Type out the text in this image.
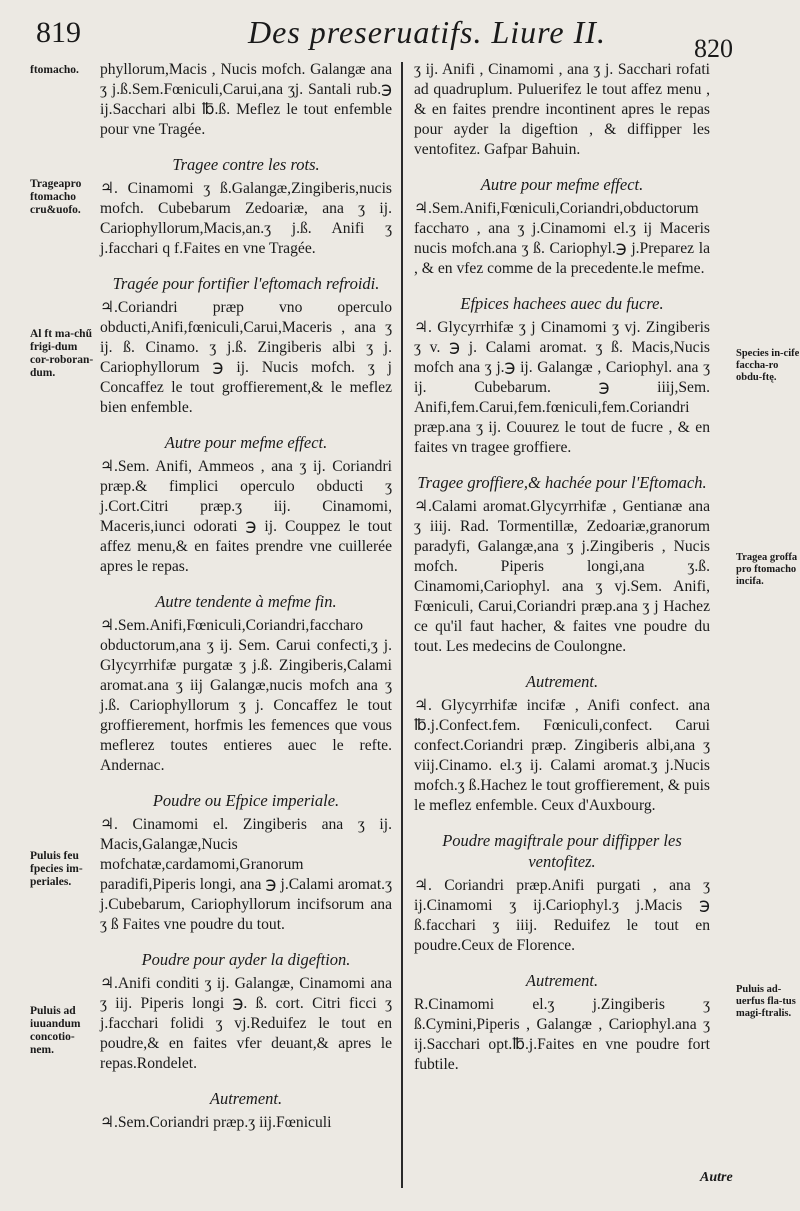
819	Des preseruatifs. Liure II.	820
ftomacho.
Trageapro ftomacho cru&uofo.
Al ft ma-chű frigi-dum cor-roboran-dum.
Puluis feu fpecies im-periales.
Puluis ad iuuandum concotio-nem.
Species in-cife faccha-ro obdu-ftę.
Tragea groffa pro ftomacho incifa.
Puluis ad-uerfus fla-tus magi-ftralis.

phyllorum,Macis , Nucis mofch. Galangæ ana ʒ j.ß.Sem.Fœniculi,Carui,ana ʒj. Santali rub.℈ ij.Sacchari albi ℔.ß. Meflez le tout enfemble pour vne Tragée.

Tragee contre les rots.

♃. Cinamomi ʒ ß.Galangæ,Zingiberis,nucis mofch. Cubebarum Zedoariæ, ana ʒ ij. Cariophyllorum,Macis,an.ʒ j.ß. Anifi ʒ j.facchari q f.Faites en vne Tragée.

Tragée pour fortifier l'eftomach refroidi.

♃.Coriandri præp vno operculo obducti,Anifi,fœniculi,Carui,Maceris , ana ʒ ij. ß. Cinamo. ʒ j.ß. Zingiberis albi ʒ j. Cariophyllorum ℈ ij. Nucis mofch. ʒ j Concaffez le tout groffierement,& le meflez bien enfemble.

Autre pour mefme effect.

♃.Sem. Anifi, Ammeos , ana ʒ ij. Coriandri præp.& fimplici operculo obducti ʒ j.Cort.Citri præp.ʒ iij. Cinamomi, Maceris,iunci odorati ℈ ij. Couppez le tout affez menu,& en faites prendre vne cuillerée apres le repas.

Autre tendente à mefme fin.

♃.Sem.Anifi,Fœniculi,Coriandri,faccharo obductorum,ana ʒ ij. Sem. Carui confecti,ʒ j. Glycyrrhifæ purgatæ ʒ j.ß. Zingiberis,Calami aromat.ana ʒ iij Galangæ,nucis mofch ana ʒ j.ß. Cariophyllorum ʒ j. Concaffez le tout groffierement, horfmis les femences que vous meflerez toutes entieres auec le refte. Andernac.

Poudre ou Efpice imperiale.

♃. Cinamomi el. Zingiberis ana ʒ ij. Macis,Galangæ,Nucis mofchatæ,cardamomi,Granorum paradifi,Piperis longi, ana ℈ j.Calami aromat.ʒ j.Cubebarum, Cariophyllorum incifsorum ana ʒ ß Faites vne poudre du tout.

Poudre pour ayder la digeftion.

♃.Anifi conditi ʒ ij. Galangæ, Cinamomi ana ʒ iij. Piperis longi ℈. ß. cort. Citri ficci ʒ j.facchari folidi ʒ vj.Reduifez le tout en poudre,& en faites vfer deuant,& apres le repas.Rondelet.

Autrement.

♃.Sem.Coriandri præp.ʒ iij.Fœniculi

ʒ ij. Anifi , Cinamomi , ana ʒ j. Sacchari rofati ad quadruplum. Puluerifez le tout affez menu , & en faites prendre incontinent apres le repas pour ayder la digeftion , & diffipper les ventofitez. Gafpar Bahuin.

Autre pour mefme effect.

♃.Sem.Anifi,Fœniculi,Coriandri,obductorum facchaто , ana ʒ j.Cinamomi el.ʒ ij Maceris nucis mofch.ana ʒ ß. Cariophyl.℈ j.Preparez la , & en vfez comme de la precedente.le mefme.

Efpices hachees auec du fucre.

♃. Glycyrrhifæ ʒ j Cinamomi ʒ vj. Zingiberis ʒ v. ℈ j. Calami aromat. ʒ ß. Macis,Nucis mofch ana ʒ j.℈ ij. Galangæ , Cariophyl. ana ʒ ij. Cubebarum. ℈ iiij,Sem. Anifi,fem.Carui,fem.fœniculi,fem.Coriandri præp.ana ʒ ij. Couurez le tout de fucre , & en faites vn tragee groffiere.

Tragee groffiere,& hachée pour l'Eftomach.

♃.Calami aromat.Glycyrrhifæ , Gentianæ ana ʒ iiij. Rad. Tormentillæ, Zedoariæ,granorum paradyfi, Galangæ,ana ʒ j.Zingiberis , Nucis mofch. Piperis longi,ana ʒ.ß. Cinamomi,Cariophyl. ana ʒ vj.Sem. Anifi, Fœniculi, Carui,Coriandri præp.ana ʒ j Hachez ce qu'il faut hacher, & faites vne poudre du tout. Les medecins de Coulongne.

Autrement.

♃. Glycyrrhifæ incifæ , Anifi confect. ana ℔.j.Confect.fem. Fœniculi,confect. Carui confect.Coriandri præp. Zingiberis albi,ana ʒ viij.Cinamo. el.ʒ ij. Calami aromat.ʒ j.Nucis mofch.ʒ ß.Hachez le tout groffierement, & puis le meflez enfemble. Ceux d'Auxbourg.

Poudre magiftrale pour diffipper les ventofitez.

♃. Coriandri præp.Anifi purgati , ana ʒ ij.Cinamomi ʒ ij.Cariophyl.ʒ j.Macis ℈ ß.facchari ʒ iiij. Reduifez le tout en poudre.Ceux de Florence.

Autrement.

R.Cinamomi el.ʒ j.Zingiberis ʒ ß.Cymini,Piperis , Galangæ , Cariophyl.ana ʒ ij.Sacchari opt.℔.j.Faites en vne poudre fort fubtile.

Autre
